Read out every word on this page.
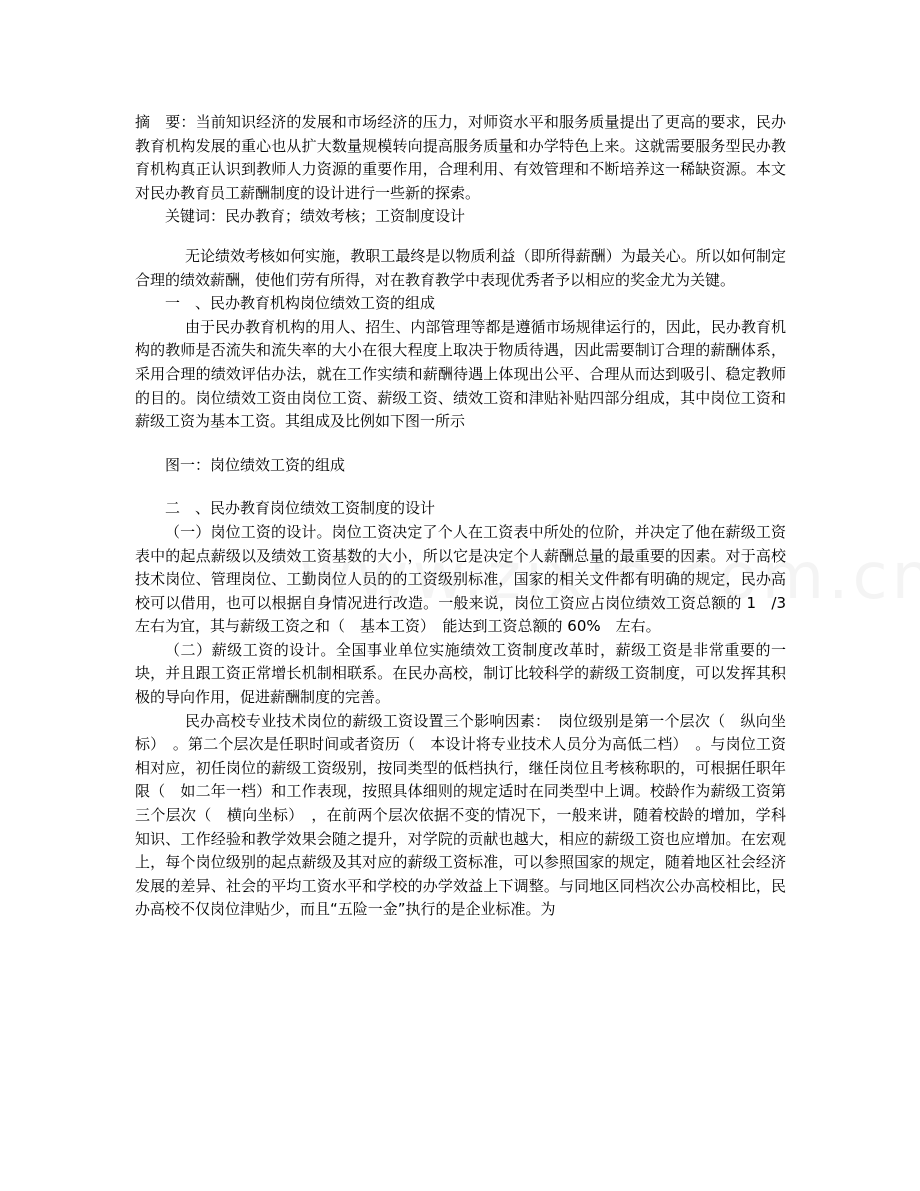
摘　要：当前知识经济的发展和市场经济的压力，对师资水平和服务质量提出了更高的要求，民办教育机构发展的重心也从扩大数量规模转向提高服务质量和办学特色上来。这就需要服务型民办教育机构真正认识到教师人力资源的重要作用，合理利用、有效管理和不断培养这一稀缺资源。本文对民办教育员工薪酬制度的设计进行一些新的探索。

关键词：民办教育；绩效考核；工资制度设计

无论绩效考核如何实施，教职工最终是以物质利益（即所得薪酬）为最关心。所以如何制定合理的绩效薪酬，使他们劳有所得，对在教育教学中表现优秀者予以相应的奖金尤为关键。

一　、民办教育机构岗位绩效工资的组成

由于民办教育机构的用人、招生、内部管理等都是遵循市场规律运行的，因此，民办教育机构的教师是否流失和流失率的大小在很大程度上取决于物质待遇，因此需要制订合理的薪酬体系，采用合理的绩效评估办法，就在工作实绩和薪酬待遇上体现出公平、合理从而达到吸引、稳定教师的目的。岗位绩效工资由岗位工资、薪级工资、绩效工资和津贴补贴四部分组成，其中岗位工资和薪级工资为基本工资。其组成及比例如下图一所示

图一：岗位绩效工资的组成

二　、民办教育岗位绩效工资制度的设计

（一）岗位工资的设计。岗位工资决定了个人在工资表中所处的位阶，并决定了他在薪级工资表中的起点薪级以及绩效工资基数的大小，所以它是决定个人薪酬总量的最重要的因素。对于高校技术岗位、管理岗位、工勤岗位人员的的工资级别标准，国家的相关文件都有明确的规定，民办高校可以借用，也可以根据自身情况进行改造。一般来说，岗位工资应占岗位绩效工资总额的 1　/3　左右为宜，其与薪级工资之和（　基本工资）　能达到工资总额的 60%　左右。

（二）薪级工资的设计。全国事业单位实施绩效工资制度改革时，薪级工资是非常重要的一块，并且跟工资正常增长机制相联系。在民办高校，制订比较科学的薪级工资制度，可以发挥其积极的导向作用，促进薪酬制度的完善。

民办高校专业技术岗位的薪级工资设置三个影响因素：　岗位级别是第一个层次（　纵向坐标）　。第二个层次是任职时间或者资历（　本设计将专业技术人员分为高低二档）　。与岗位工资相对应，初任岗位的薪级工资级别，按同类型的低档执行，继任岗位且考核称职的，可根据任职年限（　如二年一档）和工作表现，按照具体细则的规定适时在同类型中上调。校龄作为薪级工资第三个层次（　横向坐标）　，在前两个层次依据不变的情况下，一般来讲，随着校龄的增加，学科知识、工作经验和教学效果会随之提升，对学院的贡献也越大，相应的薪级工资也应增加。在宏观上，每个岗位级别的起点薪级及其对应的薪级工资标准，可以参照国家的规定，随着地区社会经济发展的差异、社会的平均工资水平和学校的办学效益上下调整。与同地区同档次公办高校相比，民办高校不仅岗位津贴少，而且“五险一金”执行的是企业标准。为
